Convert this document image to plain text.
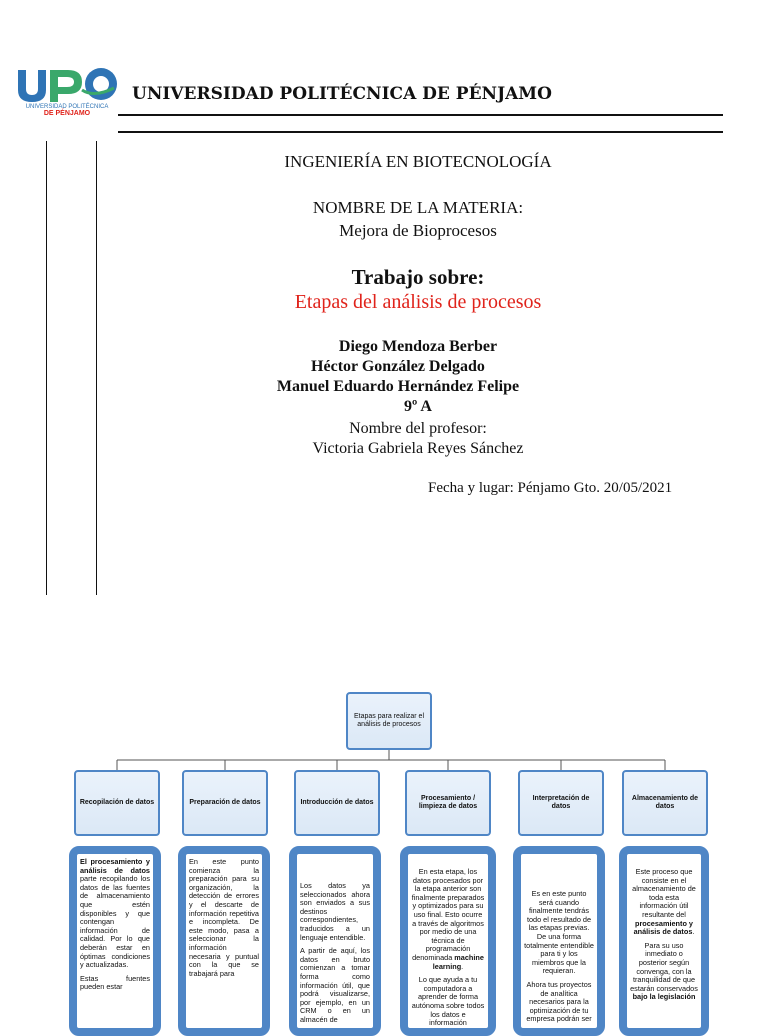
UNIVERSIDAD POLITÉCNICA
DE PÉNJAMO
UNIVERSIDAD POLITÉCNICA DE PÉNJAMO
INGENIERÍA EN BIOTECNOLOGÍA
NOMBRE DE LA MATERIA:
Mejora de Bioprocesos
Trabajo sobre:
Etapas del análisis de procesos
Diego Mendoza Berber
Héctor González Delgado
Manuel Eduardo Hernández Felipe
9º A
Nombre del profesor:
Victoria Gabriela Reyes Sánchez
Fecha y lugar: Pénjamo Gto. 20/05/2021
Etapas para realizar el análisis de procesos
Recopilación de datos	Preparación de datos	Introducción de datos
Procesamiento / limpieza de datos
Interpretación de datos
Almacenamiento de datos

El procesamiento y análisis de datos parte recopilando los datos de las fuentes de almacenamiento que estén disponibles y que contengan información de calidad. Por lo que deberán estar en óptimas condiciones y actualizadas.

Estas fuentes pueden estar

En este punto comienza la preparación para su organización, la detección de errores y el descarte de información repetitiva e incompleta. De este modo, pasa a seleccionar la información necesaria y puntual con la que se trabajará para

Los datos ya seleccionados ahora son enviados a sus destinos correspondientes, traducidos a un lenguaje entendible.

A partir de aquí, los datos en bruto comienzan a tomar forma como información útil, que podrá visualizarse, por ejemplo, en un CRM o en un almacén de

En esta etapa, los datos procesados por la etapa anterior son finalmente preparados y optimizados para su uso final. Esto ocurre a través de algoritmos por medio de una técnica de programación denominada machine learning.

Lo que ayuda a tu computadora a aprender de forma autónoma sobre todos los datos e información

Es en este punto será cuando finalmente tendrás todo el resultado de las etapas previas. De una forma totalmente entendible para ti y los miembros que la requieran.

Ahora tus proyectos de analítica necesarios para la optimización de tu empresa podrán ser

Este proceso que consiste en el almacenamiento de toda esta información útil resultante del procesamiento y análisis de datos.

Para su uso inmediato o posterior según convenga, con la tranquilidad de que estarán conservados bajo la legislación
